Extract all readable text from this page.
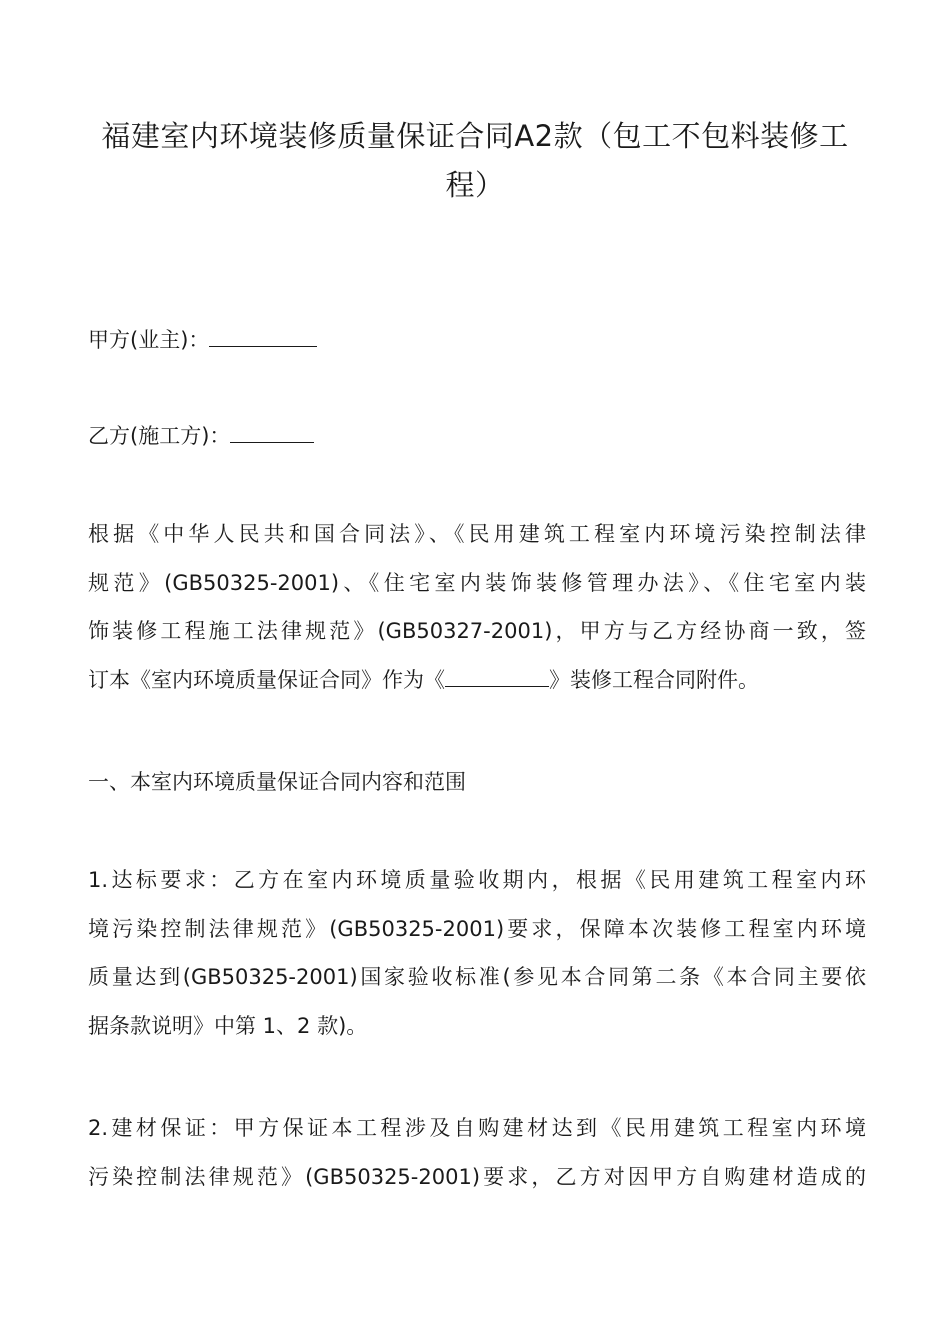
福建室内环境装修质量保证合同A2款（包工不包料装修工
程）
甲方(业主)：
乙方(施工方)：
根据《中华人民共和国合同法》、《民用建筑工程室内环境污染控制法律
规范》(GB50325-2001)、《住宅室内装饰装修管理办法》、《住宅室内装
饰装修工程施工法律规范》(GB50327-2001)，甲方与乙方经协商一致，签
订本《室内环境质量保证合同》作为《	》装修工程合同附件。
一、本室内环境质量保证合同内容和范围
1.达标要求：乙方在室内环境质量验收期内，根据《民用建筑工程室内环
境污染控制法律规范》(GB50325-2001)要求，保障本次装修工程室内环境
质量达到(GB50325-2001)国家验收标准(参见本合同第二条《本合同主要依
据条款说明》中第 1、2 款)。
2.建材保证：甲方保证本工程涉及自购建材达到《民用建筑工程室内环境
污染控制法律规范》(GB50325-2001)要求，乙方对因甲方自购建材造成的
